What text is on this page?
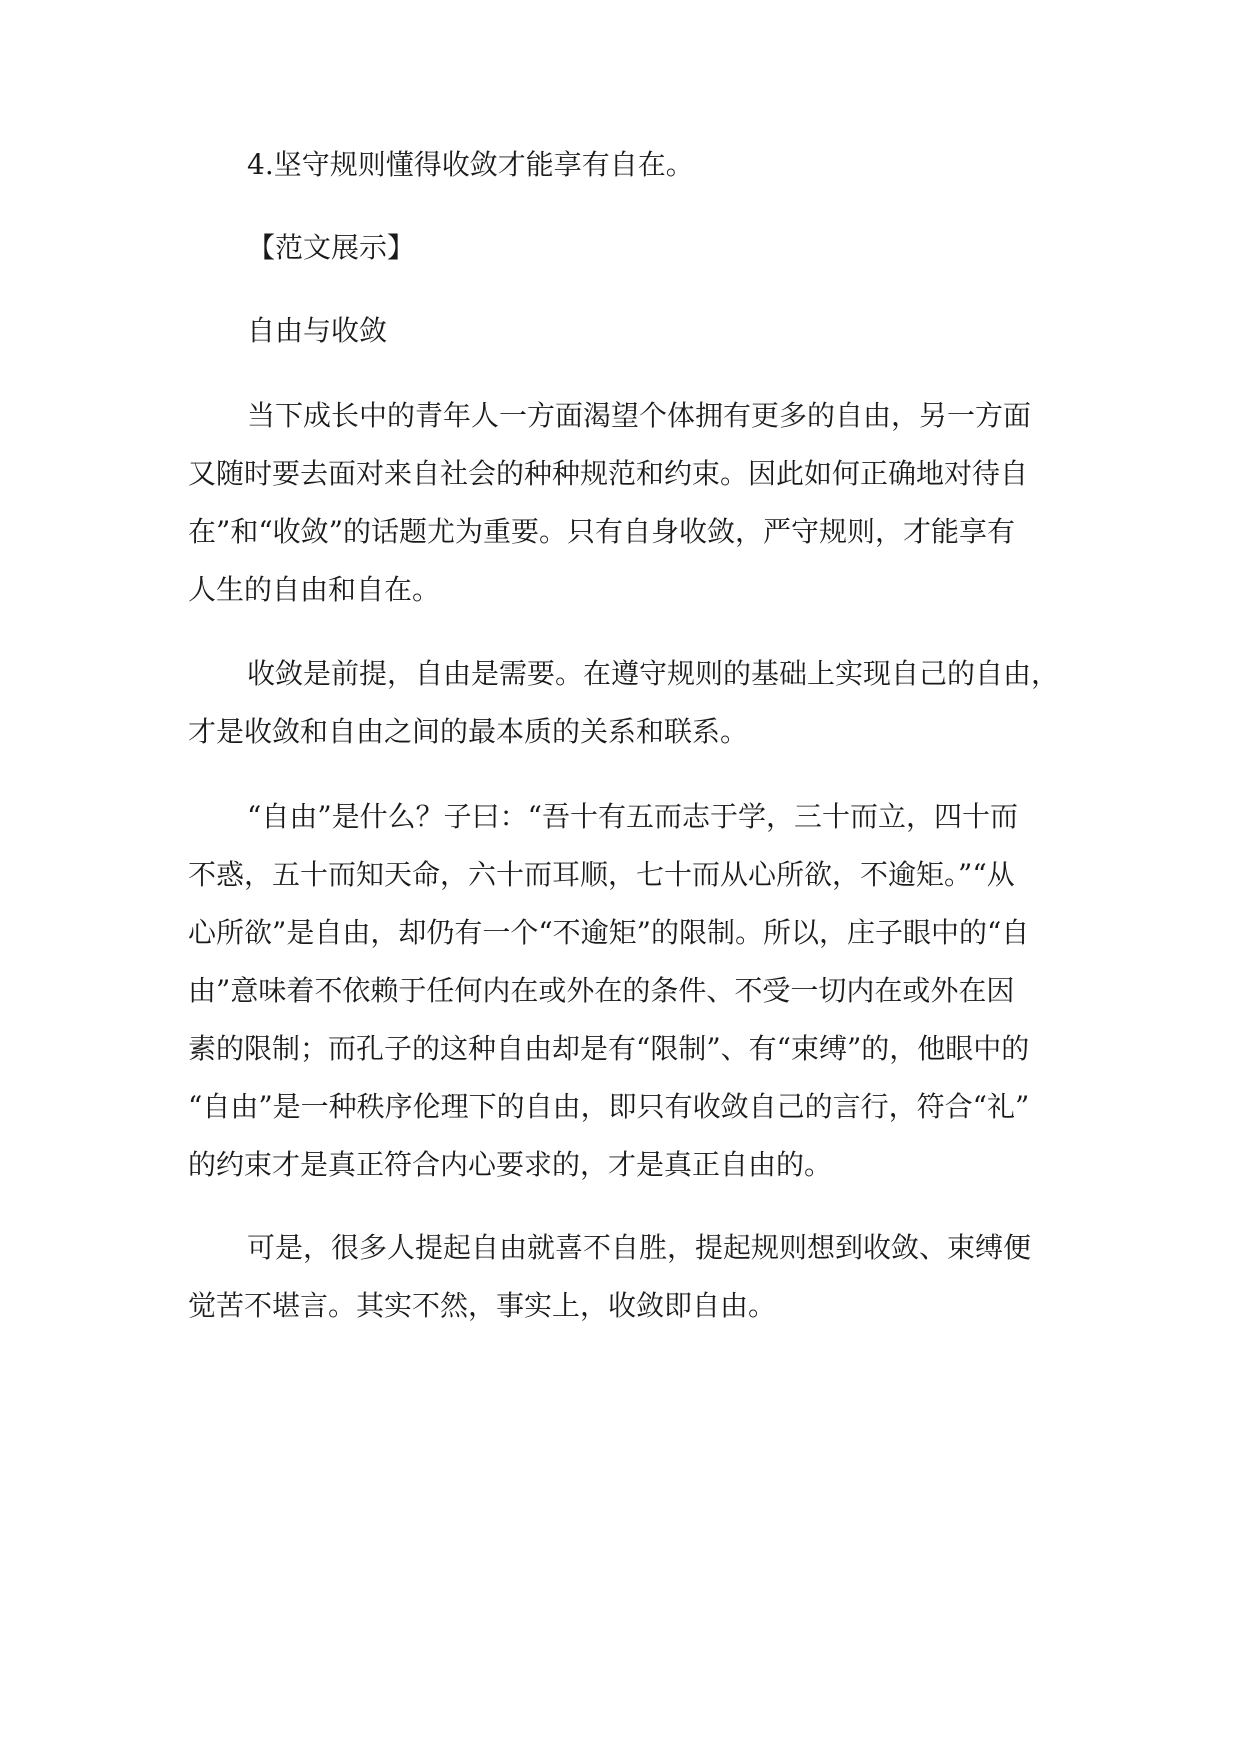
4.坚守规则懂得收敛才能享有自在。

【范文展示】

自由与收敛

当下成长中的青年人一方面渴望个体拥有更多的自由，另一方面

又随时要去面对来自社会的种种规范和约束。因此如何正确地对待自

在”和“收敛”的话题尤为重要。只有自身收敛，严守规则，才能享有

人生的自由和自在。

收敛是前提，自由是需要。在遵守规则的基础上实现自己的自由，

才是收敛和自由之间的最本质的关系和联系。

“自由”是什么？子曰：“吾十有五而志于学，三十而立，四十而

不惑，五十而知天命，六十而耳顺，七十而从心所欲，不逾矩。”“从

心所欲”是自由，却仍有一个“不逾矩”的限制。所以，庄子眼中的“自

由”意味着不依赖于任何内在或外在的条件、不受一切内在或外在因

素的限制；而孔子的这种自由却是有“限制”、有“束缚”的，他眼中的

“自由”是一种秩序伦理下的自由，即只有收敛自己的言行，符合“礼”

的约束才是真正符合内心要求的，才是真正自由的。

可是，很多人提起自由就喜不自胜，提起规则想到收敛、束缚便

觉苦不堪言。其实不然，事实上，收敛即自由。
